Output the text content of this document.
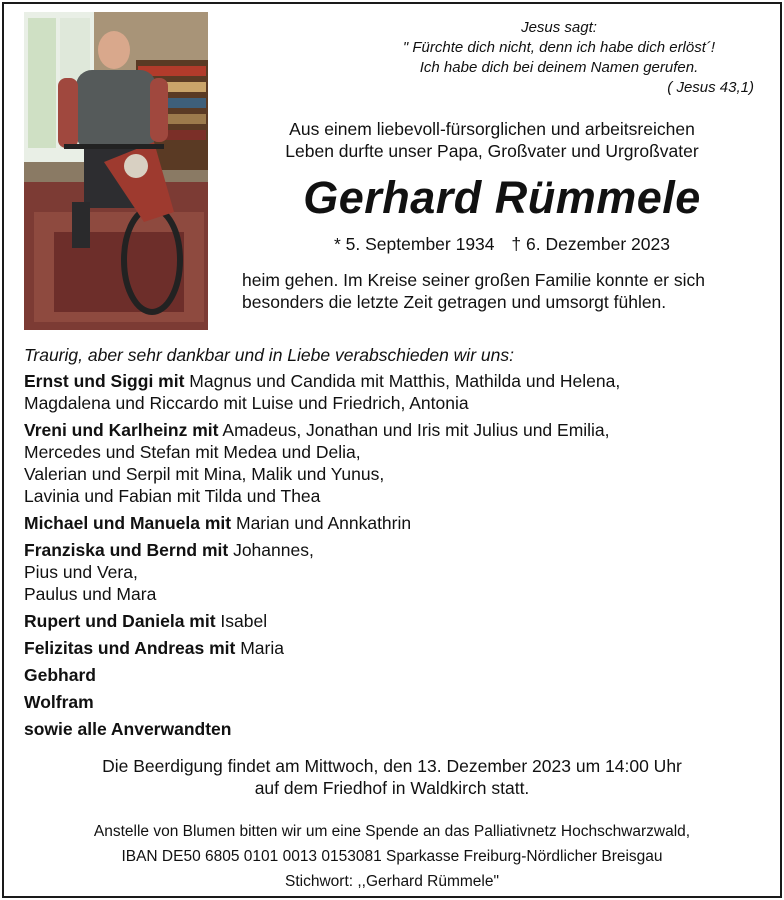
Jesus sagt:
" Fürchte dich nicht, denn ich habe dich erlöst´!
Ich habe dich bei deinem Namen gerufen.
( Jesus 43,1)
Aus einem liebevoll-fürsorglichen und arbeitsreichen
Leben durfte unser Papa, Großvater und Urgroßvater
Gerhard Rümmele
* 5. September 1934 † 6. Dezember 2023
heim gehen. Im Kreise seiner großen Familie konnte er sich
besonders die letzte Zeit getragen und umsorgt fühlen.
Traurig, aber sehr dankbar und in Liebe verabschieden wir uns:
Ernst und Siggi mit Magnus und Candida mit Matthis, Mathilda und Helena,
Magdalena und Riccardo mit Luise und Friedrich, Antonia
Vreni und Karlheinz mit Amadeus, Jonathan und Iris mit Julius und Emilia,
Mercedes und Stefan mit Medea und Delia,
Valerian und Serpil mit Mina, Malik und Yunus,
Lavinia und Fabian mit Tilda und Thea
Michael und Manuela mit Marian und Annkathrin
Franziska und Bernd mit Johannes,
Pius und Vera,
Paulus und Mara
Rupert und Daniela mit Isabel
Felizitas und Andreas mit Maria
Gebhard
Wolfram
sowie alle Anverwandten
Die Beerdigung findet am Mittwoch, den 13. Dezember 2023 um 14:00 Uhr
auf dem Friedhof in Waldkirch statt.
Anstelle von Blumen bitten wir um eine Spende an das Palliativnetz Hochschwarzwald,
IBAN DE50 6805 0101 0013 0153081 Sparkasse Freiburg-Nördlicher Breisgau
Stichwort: ,,Gerhard Rümmele"
